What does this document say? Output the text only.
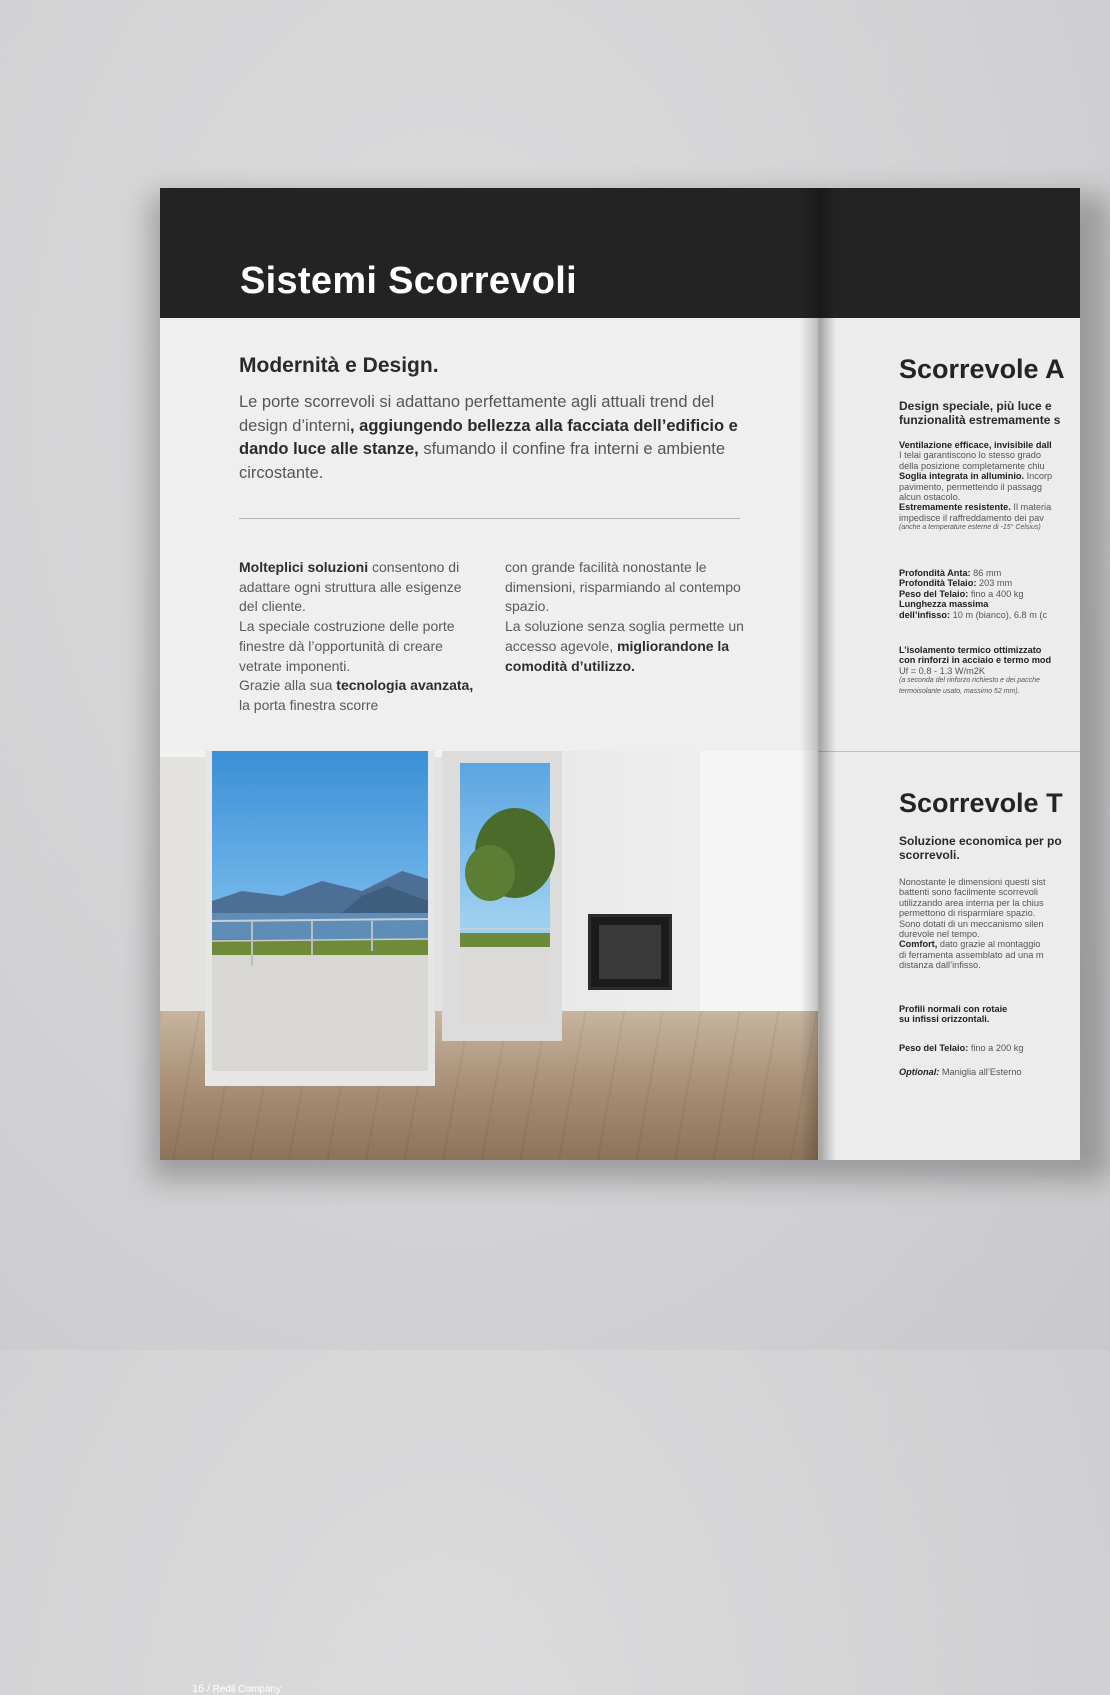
Sistemi Scorrevoli
Modernità e Design.
Le porte scorrevoli si adattano perfettamente agli attuali trend del design d’interni, aggiungendo bellezza alla facciata dell’edificio e dando luce alle stanze, sfumando il confine fra interni e ambiente circostante.

Molteplici soluzioni consentono di adattare ogni struttura alle esigenze del cliente.

La speciale costruzione delle porte finestre dà l’opportunità di creare vetrate imponenti.

Grazie alla sua tecnologia avanzata, la porta finestra scorre

con grande facilità nonostante le dimensioni, risparmiando al contempo spazio.

La soluzione senza soglia permette un accesso agevole, migliorandone la comodità d’utilizzo.

16 / Redil Company
Scorrevole A
Design speciale, più luce e
funzionalità estremamente s
Ventilazione efficace, invisibile dall
I telai garantiscono lo stesso grado
della posizione completamente chiu
Soglia integrata in alluminio. Incorp
pavimento, permettendo il passagg
alcun ostacolo.
Estremamente resistente. Il materia
impedisce il raffreddamento dei pav
(anche a temperature esterne di -15° Celsius)
Profondità Anta: 86 mm
Profondità Telaio: 203 mm
Peso del Telaio: fino a 400 kg
Lunghezza massima
dell’infisso: 10 m (bianco), 6.8 m (c
L’isolamento termico ottimizzato
con rinforzi in acciaio e termo mod
Uf = 0.8 - 1.3 W/m2K
(a seconda del rinforzo richiesto e dei pacche
termoisolante usato, massimo 52 mm).
Scorrevole T
Soluzione economica per po
scorrevoli.
Nonostante le dimensioni questi sist
battenti sono facilmente scorrevoli
utilizzando area interna per la chius
permettono di risparmiare spazio.
Sono dotati di un meccanismo silen
durevole nel tempo.
Comfort, dato grazie al montaggio
di ferramenta assemblato ad una m
distanza dall’infisso.
Profili normali con rotaie
su infissi orizzontali.
Peso del Telaio: fino a 200 kg
Optional: Maniglia all’Esterno
